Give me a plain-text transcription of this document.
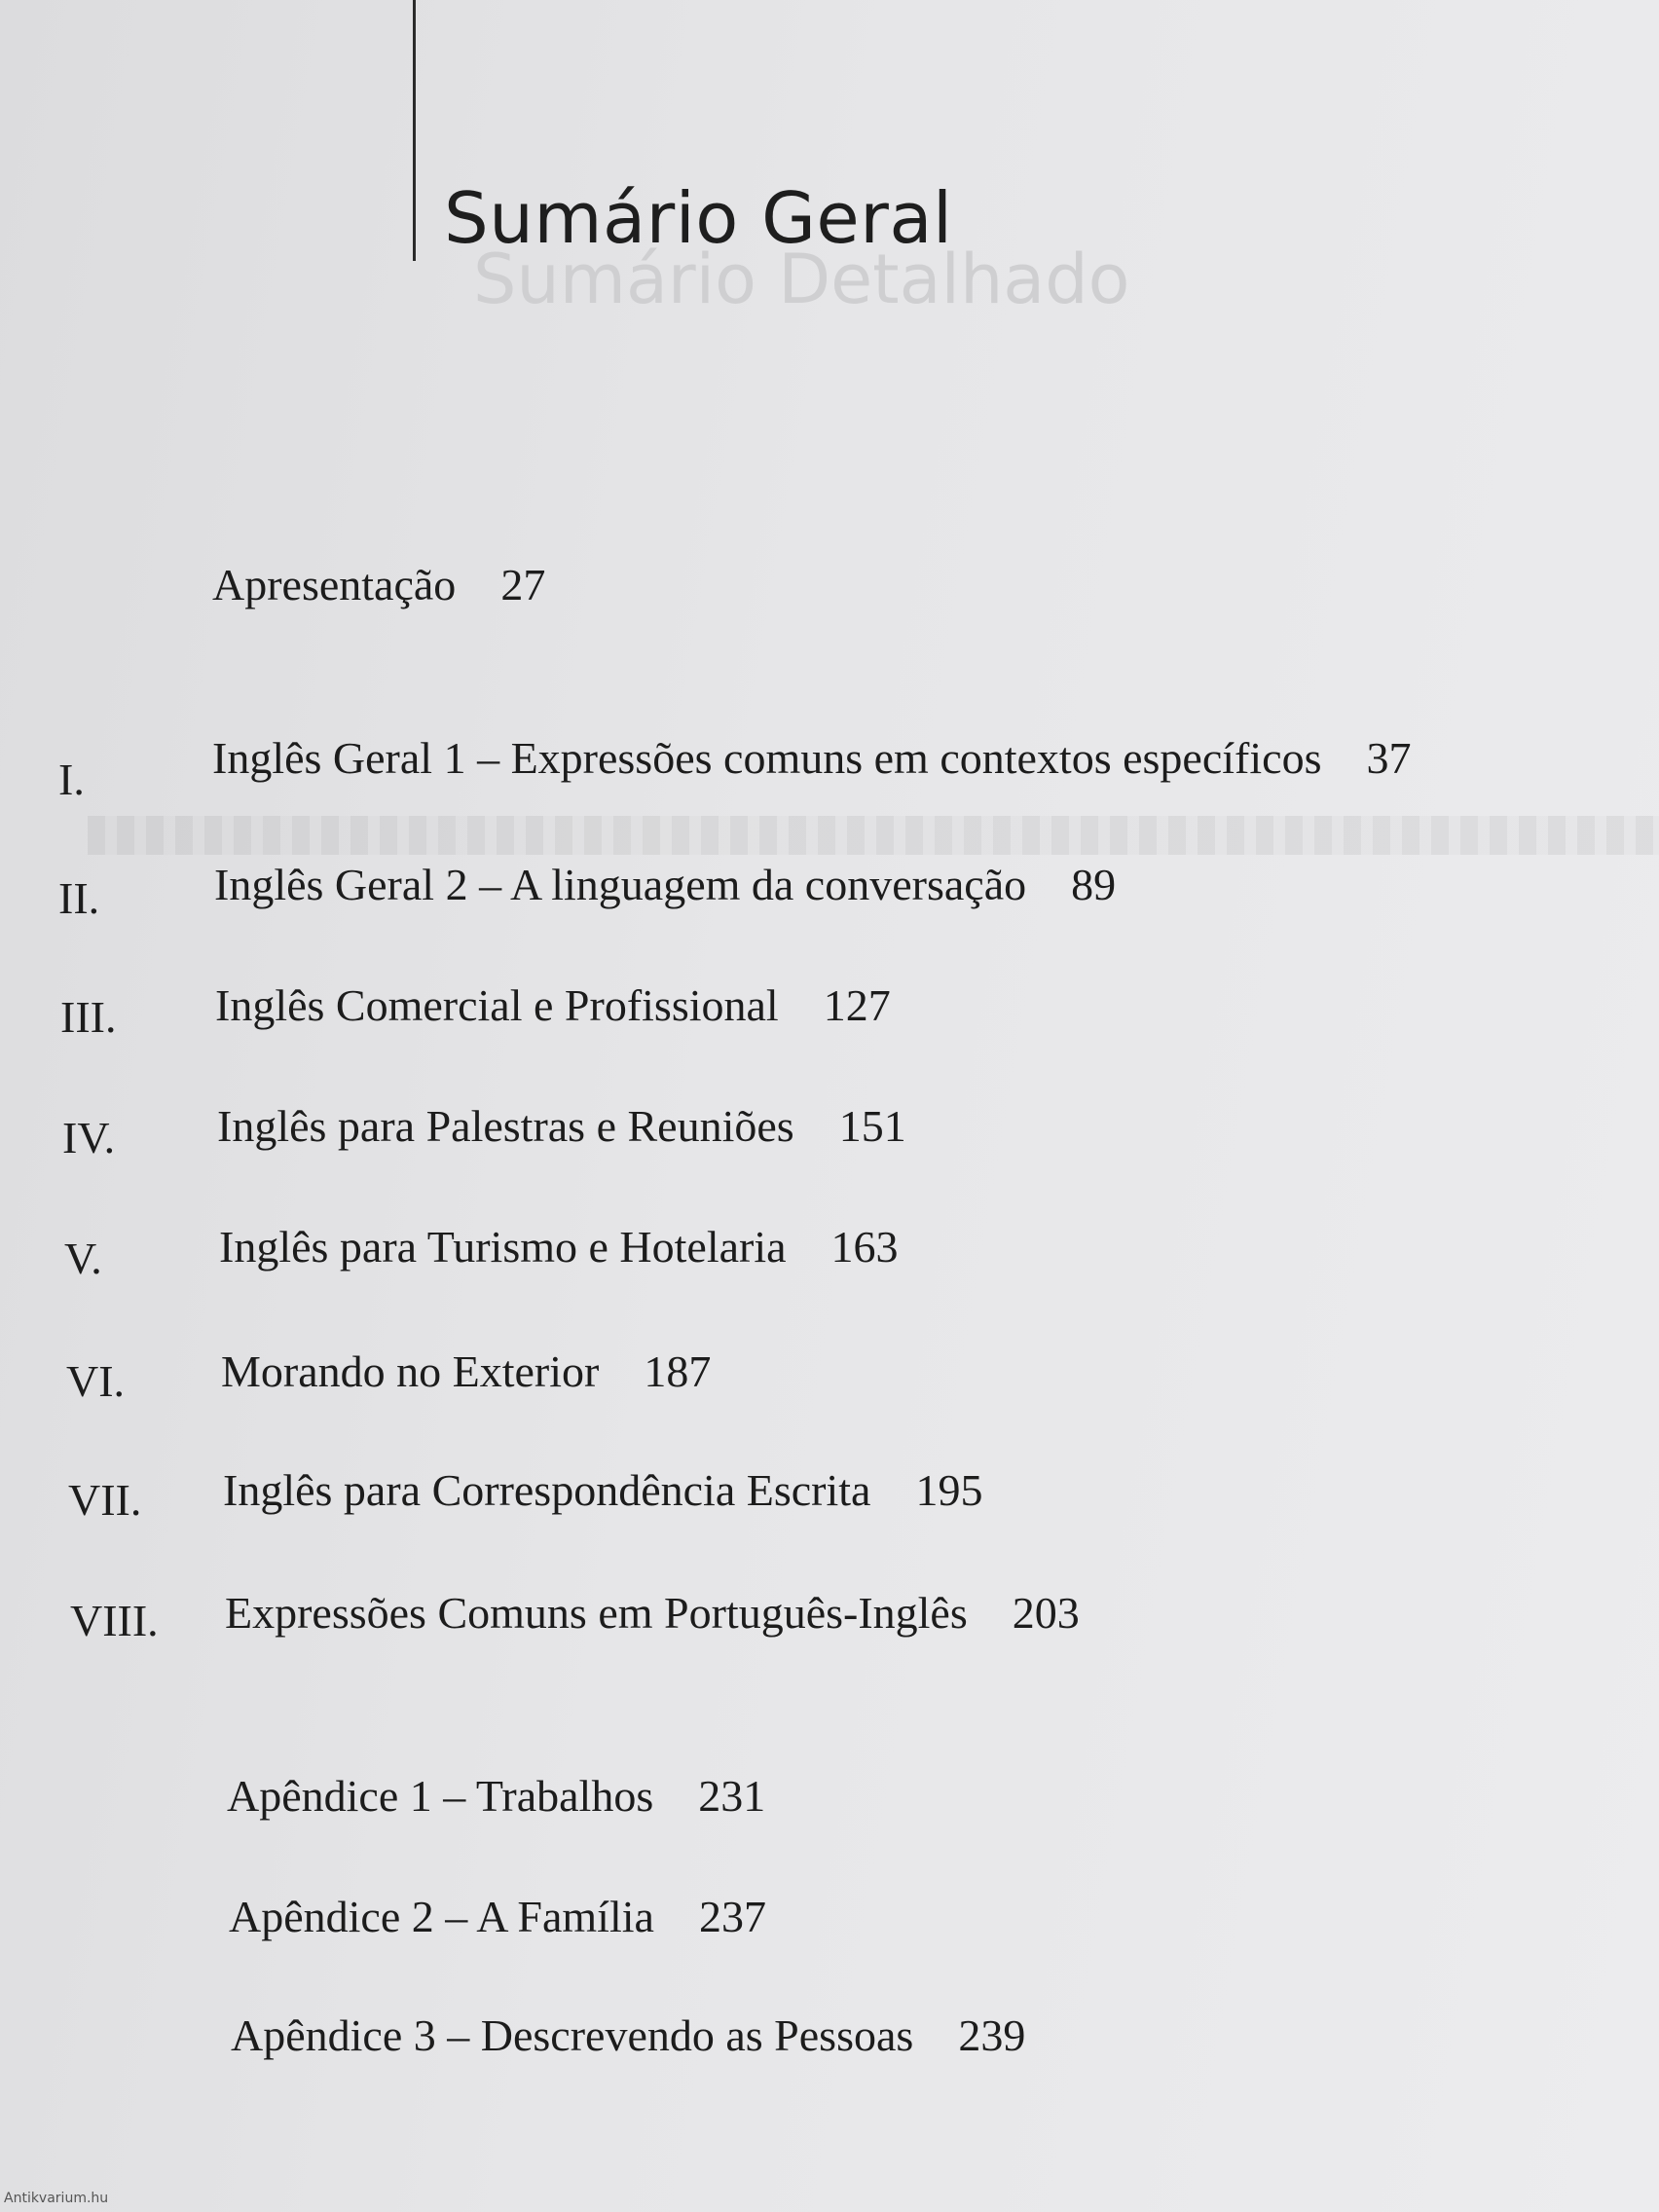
Sumário Detalhado
Sumário Geral
Apresentação 27
I.	Inglês Geral 1 – Expressões comuns em contextos específicos 37
II.	Inglês Geral 2 – A linguagem da conversação 89
III. Inglês Comercial e Profissional 127
IV. Inglês para Palestras e Reuniões 151
V.	Inglês para Turismo e Hotelaria 163
VI. Morando no Exterior 187
VII. Inglês para Correspondência Escrita 195
VIII. Expressões Comuns em Português-Inglês 203
Apêndice 1 – Trabalhos 231
Apêndice 2 – A Família 237
Apêndice 3 – Descrevendo as Pessoas 239
Antikvarium.hu
